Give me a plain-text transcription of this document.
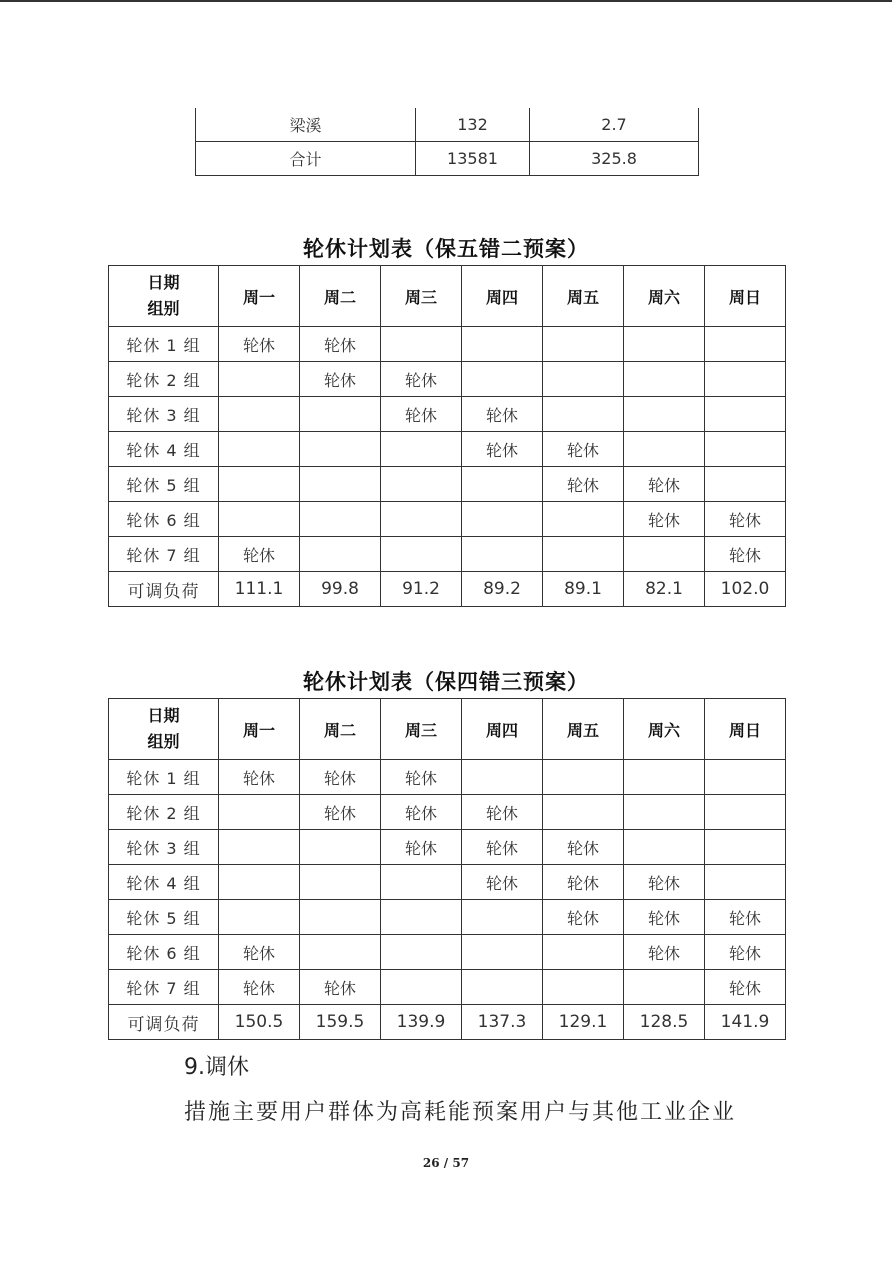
梁溪	132	2.7
合计	13581	325.8
轮休计划表（保五错二预案）
日期
组别	周一	周二	周三	周四	周五	周六	周日
轮休 1 组	轮休	轮休					
轮休 2 组		轮休	轮休				
轮休 3 组			轮休	轮休			
轮休 4 组				轮休	轮休		
轮休 5 组					轮休	轮休	
轮休 6 组						轮休	轮休
轮休 7 组	轮休						轮休
可调负荷	111.1	99.8	91.2	89.2	89.1	82.1	102.0
轮休计划表（保四错三预案）
日期
组别	周一	周二	周三	周四	周五	周六	周日
轮休 1 组	轮休	轮休	轮休				
轮休 2 组		轮休	轮休	轮休			
轮休 3 组			轮休	轮休	轮休		
轮休 4 组				轮休	轮休	轮休	
轮休 5 组					轮休	轮休	轮休
轮休 6 组	轮休					轮休	轮休
轮休 7 组	轮休	轮休					轮休
可调负荷	150.5	159.5	139.9	137.3	129.1	128.5	141.9
9.调休
措施主要用户群体为高耗能预案用户与其他工业企业
26 / 57
